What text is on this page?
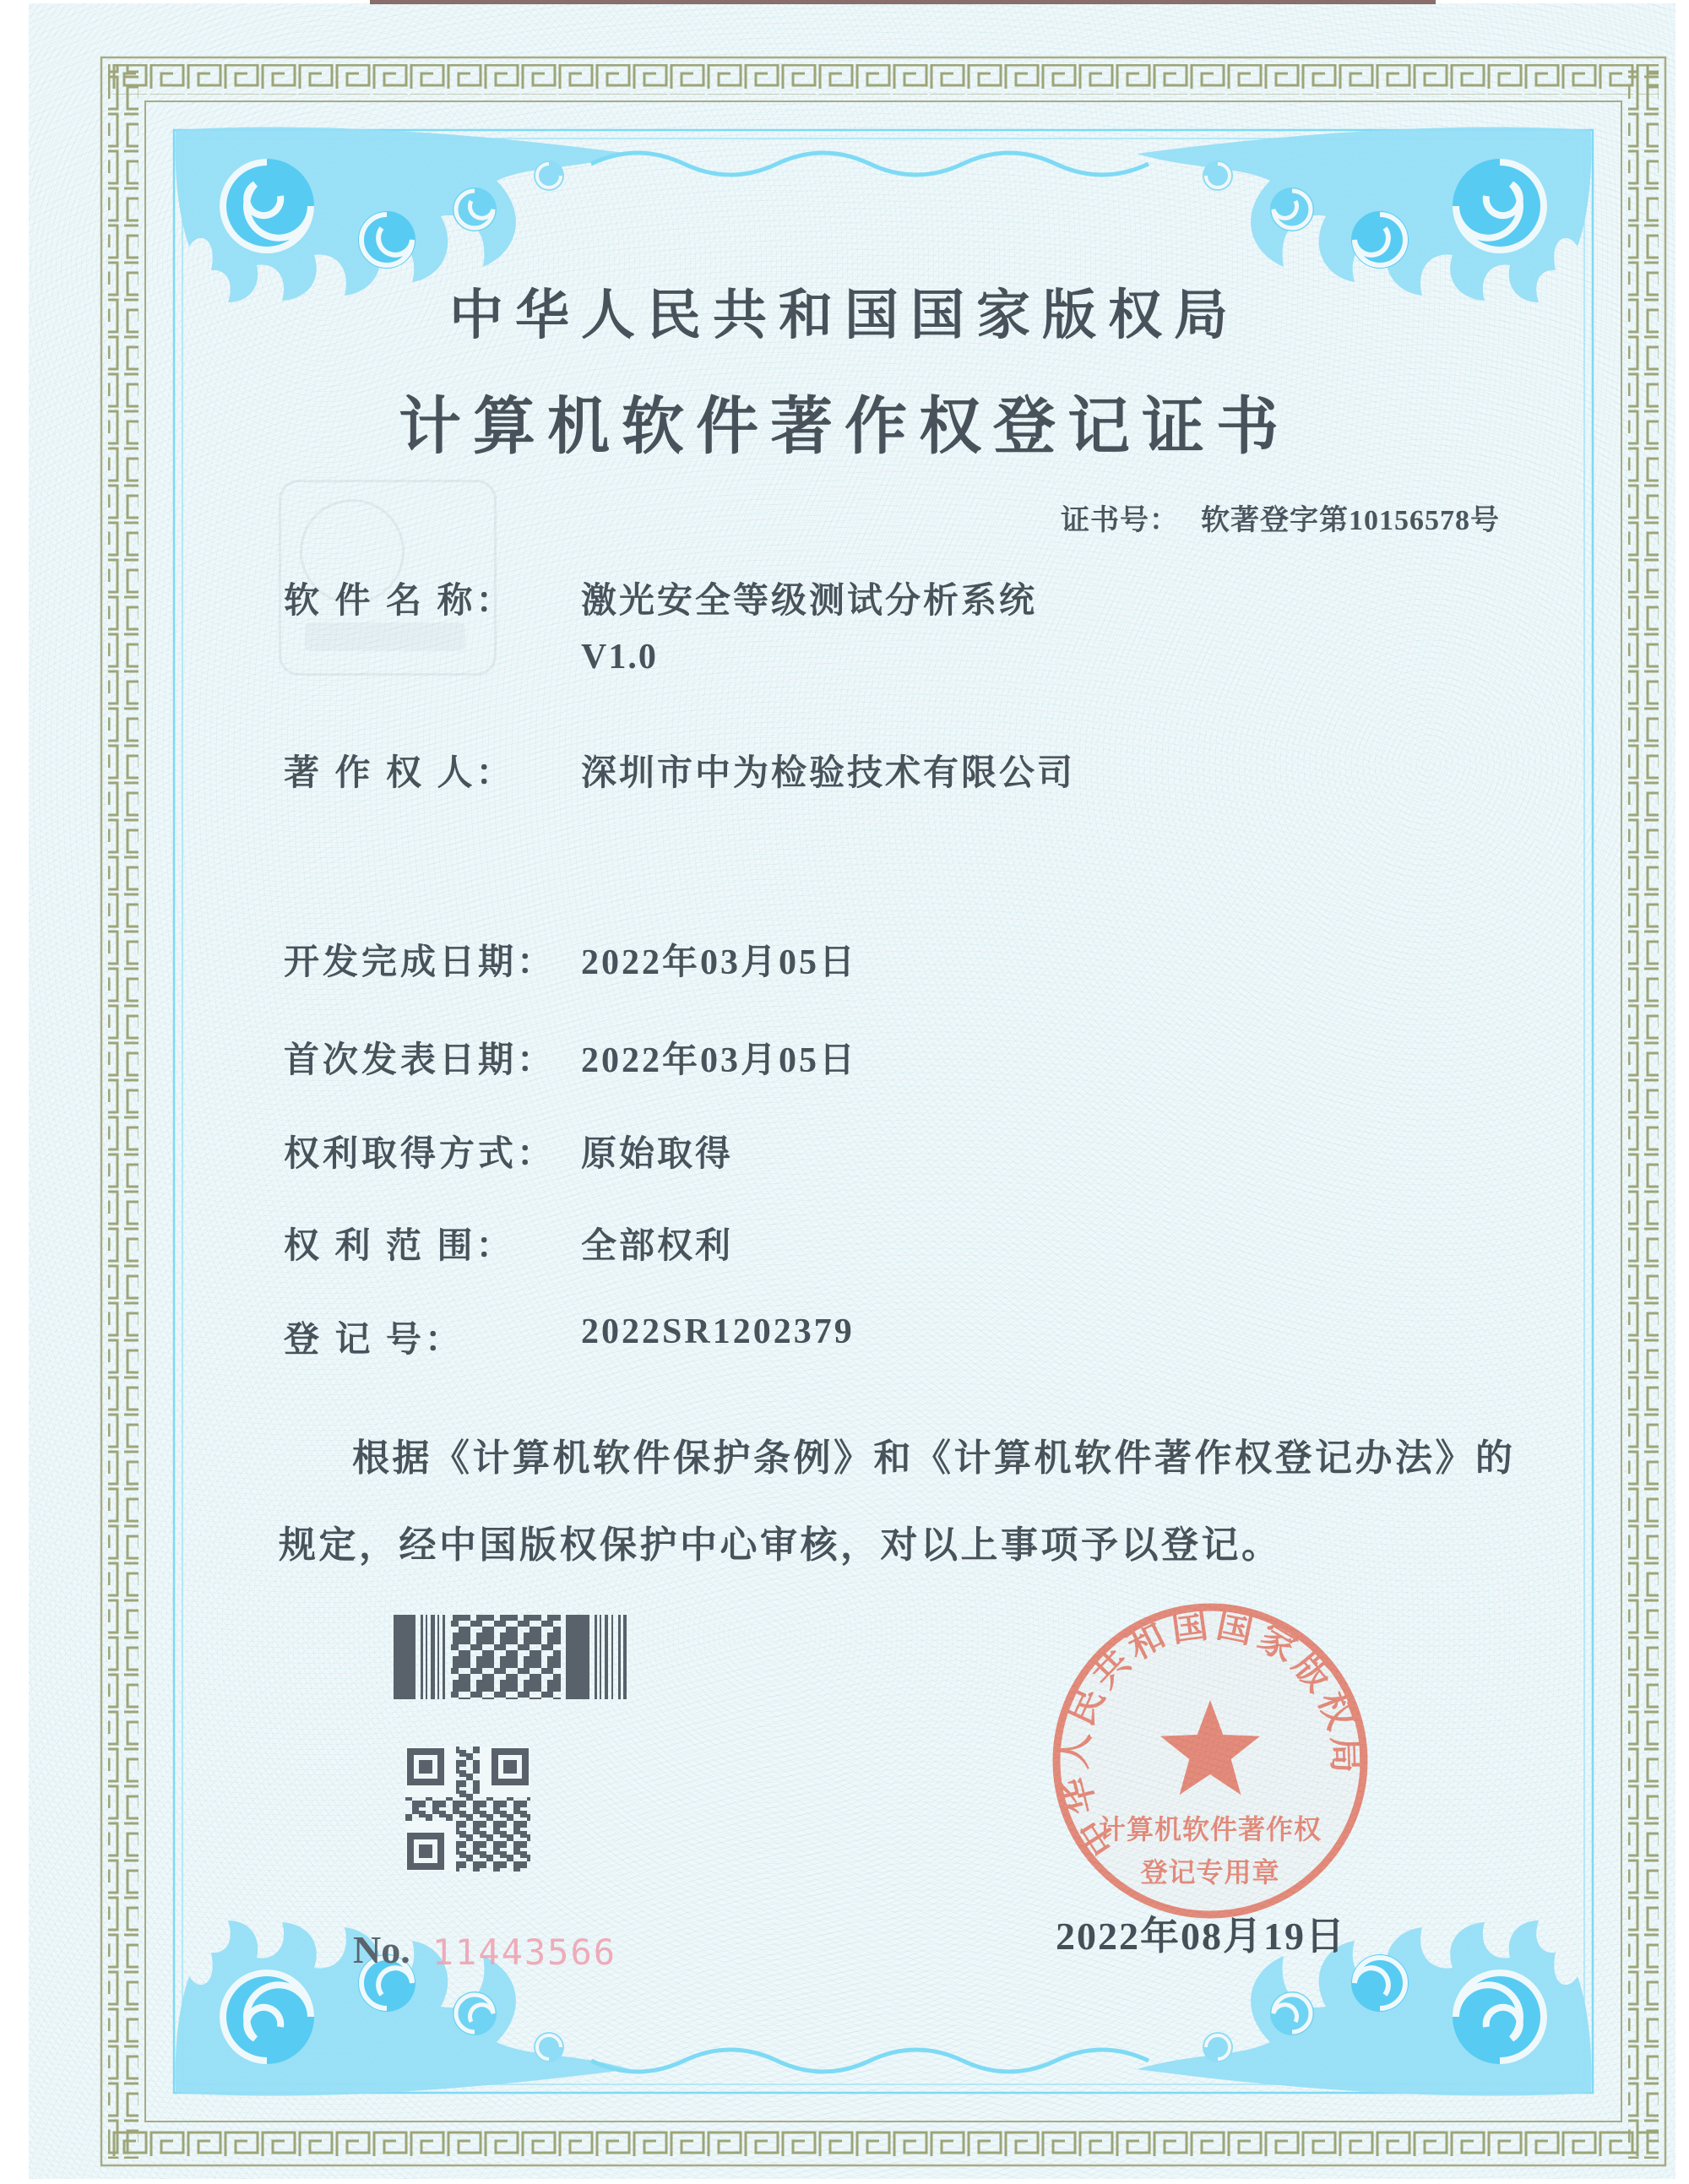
中华人民共和国国家版权局
计算机软件著作权登记证书
证书号： 软著登字第10156578号
软 件 名 称：	激光安全等级测试分析系统
V1.0
著 作 权 人：	深圳市中为检验技术有限公司
开发完成日期： 2022年03月05日
首次发表日期： 2022年03月05日
权利取得方式： 原始取得
权 利 范 围：	全部权利
登 记 号：	2022SR1202379
根据《计算机软件保护条例》和《计算机软件著作权登记办法》的
规定，经中国版权保护中心审核，对以上事项予以登记。
中华人民共和国国家版权局
计算机软件著作权
登记专用章
2022年08月19日
No. 11443566
